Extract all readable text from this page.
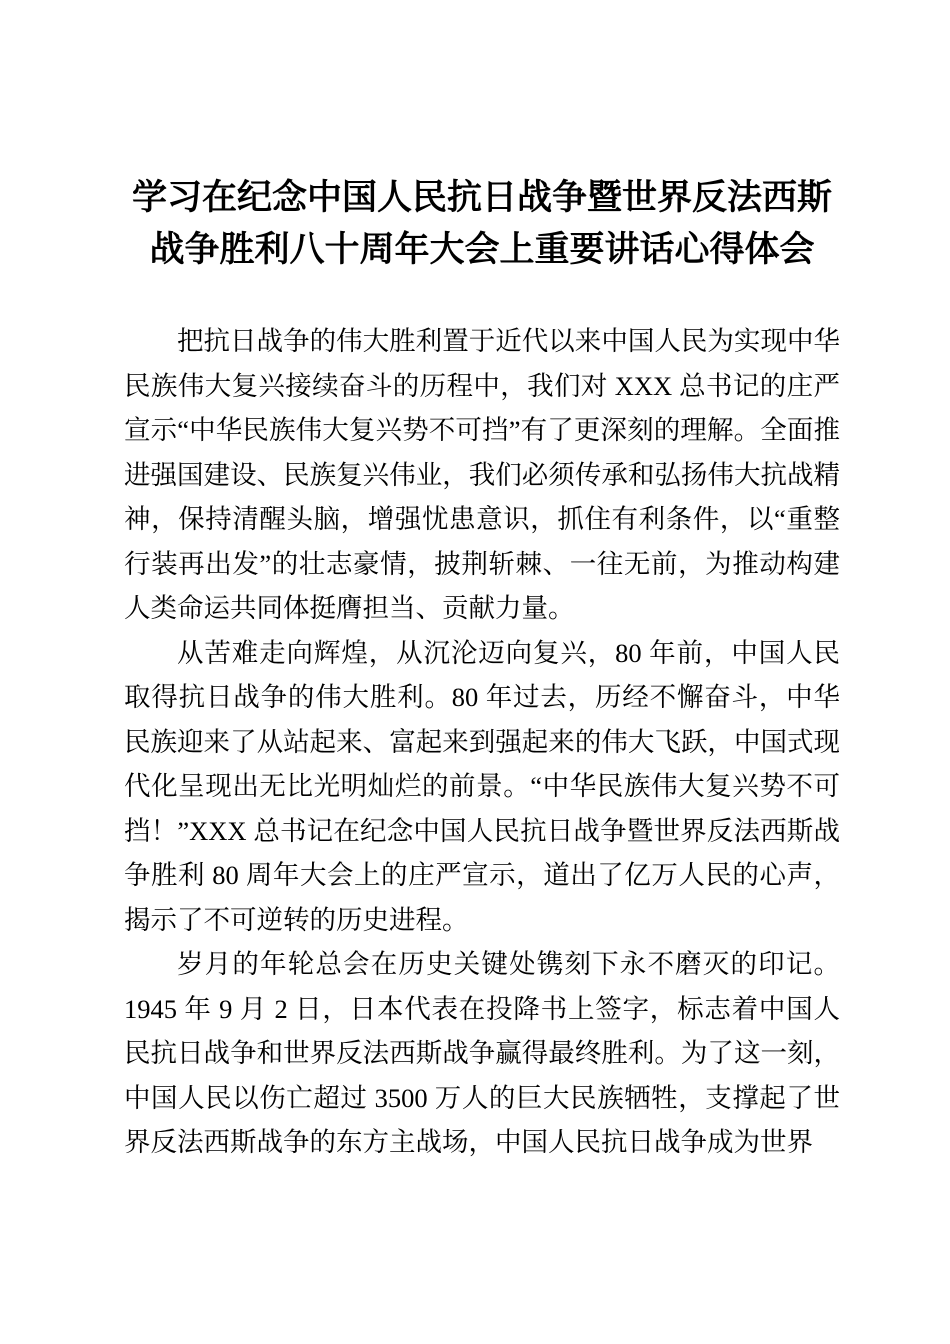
学习在纪念中国人民抗日战争暨世界反法西斯战争胜利八十周年大会上重要讲话心得体会

把抗日战争的伟大胜利置于近代以来中国人民为实现中华民族伟大复兴接续奋斗的历程中，我们对 XXX 总书记的庄严宣示“中华民族伟大复兴势不可挡”有了更深刻的理解。全面推进强国建设、民族复兴伟业，我们必须传承和弘扬伟大抗战精神，保持清醒头脑，增强忧患意识，抓住有利条件，以“重整行装再出发”的壮志豪情，披荆斩棘、一往无前，为推动构建人类命运共同体挺膺担当、贡献力量。

从苦难走向辉煌，从沉沦迈向复兴，80 年前，中国人民取得抗日战争的伟大胜利。80 年过去，历经不懈奋斗，中华民族迎来了从站起来、富起来到强起来的伟大飞跃，中国式现代化呈现出无比光明灿烂的前景。“中华民族伟大复兴势不可挡！”XXX 总书记在纪念中国人民抗日战争暨世界反法西斯战争胜利 80 周年大会上的庄严宣示，道出了亿万人民的心声，揭示了不可逆转的历史进程。

岁月的年轮总会在历史关键处镌刻下永不磨灭的印记。1945 年 9 月 2 日，日本代表在投降书上签字，标志着中国人民抗日战争和世界反法西斯战争赢得最终胜利。为了这一刻，中国人民以伤亡超过 3500 万人的巨大民族牺牲，支撑起了世界反法西斯战争的东方主战场，中国人民抗日战争成为世界
